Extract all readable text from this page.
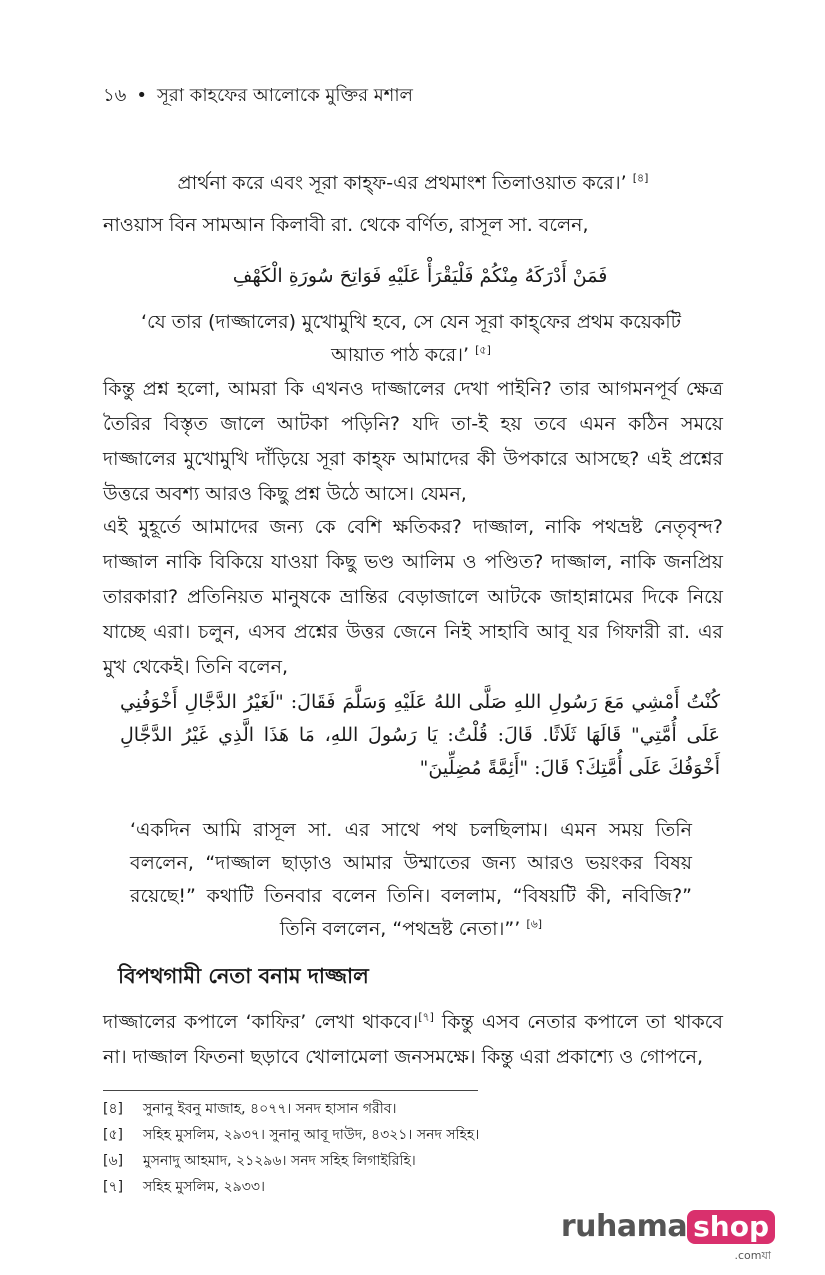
১৬ • সূরা কাহফের আলোকে মুক্তির মশাল
প্রার্থনা করে এবং সূরা কাহ্‌ফ-এর প্রথমাংশ তিলাওয়াত করে।’ [৪]
নাওয়াস বিন সামআন কিলাবী রা. থেকে বর্ণিত, রাসূল সা. বলেন,
فَمَنْ أَدْرَكَهُ مِنْكُمْ فَلْيَقْرَأْ عَلَيْهِ فَوَاتِحَ سُورَةِ الْكَهْفِ
‘যে তার (দাজ্জালের) মুখোমুখি হবে, সে যেন সূরা কাহ্‌ফের প্রথম কয়েকটি আয়াত পাঠ করে।’ [৫]
কিন্তু প্রশ্ন হলো, আমরা কি এখনও দাজ্জালের দেখা পাইনি? তার আগমনপূর্ব ক্ষেত্র তৈরির বিস্তৃত জালে আটকা পড়িনি? যদি তা-ই হয় তবে এমন কঠিন সময়ে দাজ্জালের মুখোমুখি দাঁড়িয়ে সূরা কাহ্‌ফ আমাদের কী উপকারে আসছে? এই প্রশ্নের উত্তরে অবশ্য আরও কিছু প্রশ্ন উঠে আসে। যেমন,
এই মুহূর্তে আমাদের জন্য কে বেশি ক্ষতিকর? দাজ্জাল, নাকি পথভ্রষ্ট নেতৃবৃন্দ? দাজ্জাল নাকি বিকিয়ে যাওয়া কিছু ভণ্ড আলিম ও পণ্ডিত? দাজ্জাল, নাকি জনপ্রিয় তারকারা? প্রতিনিয়ত মানুষকে ভ্রান্তির বেড়াজালে আটকে জাহান্নামের দিকে নিয়ে যাচ্ছে এরা। চলুন, এসব প্রশ্নের উত্তর জেনে নিই সাহাবি আবূ যর গিফারী রা. এর মুখ থেকেই। তিনি বলেন,
كُنْتُ أَمْشِي مَعَ رَسُولِ اللهِ صَلَّى اللهُ عَلَيْهِ وَسَلَّمَ فَقَالَ: "لَغَيْرُ الدَّجَّالِ أَخْوَفُنِي عَلَى أُمَّتِي" قَالَهَا ثَلَاثًا. قَالَ: قُلْتُ: يَا رَسُولَ اللهِ، مَا هَذَا الَّذِي غَيْرُ الدَّجَّالِ أَخْوَفُكَ عَلَى أُمَّتِكَ؟ قَالَ: "أَئِمَّةً مُضِلِّينَ"
‘একদিন আমি রাসূল সা. এর সাথে পথ চলছিলাম। এমন সময় তিনি বললেন, “দাজ্জাল ছাড়াও আমার উম্মাতের জন্য আরও ভয়ংকর বিষয় রয়েছে!” কথাটি তিনবার বলেন তিনি। বললাম, “বিষয়টি কী, নবিজি?” তিনি বললেন, “পথভ্রষ্ট নেতা।”’ [৬]
বিপথগামী নেতা বনাম দাজ্জাল
দাজ্জালের কপালে ‘কাফির’ লেখা থাকবে।[৭] কিন্তু এসব নেতার কপালে তা থাকবে না। দাজ্জাল ফিতনা ছড়াবে খোলামেলা জনসমক্ষে। কিন্তু এরা প্রকাশ্যে ও গোপনে,
[৪] সুনানু ইবনু মাজাহ, ৪০৭৭। সনদ হাসান গরীব।
[৫] সহিহ মুসলিম, ২৯৩৭। সুনানু আবূ দাউদ, ৪৩২১। সনদ সহিহ।
[৬] মুসনাদু আহমাদ, ২১২৯৬। সনদ সহিহ লিগাইরিহি।
[৭] সহিহ মুসলিম, ২৯৩৩।
ruhama shop
.comযা
